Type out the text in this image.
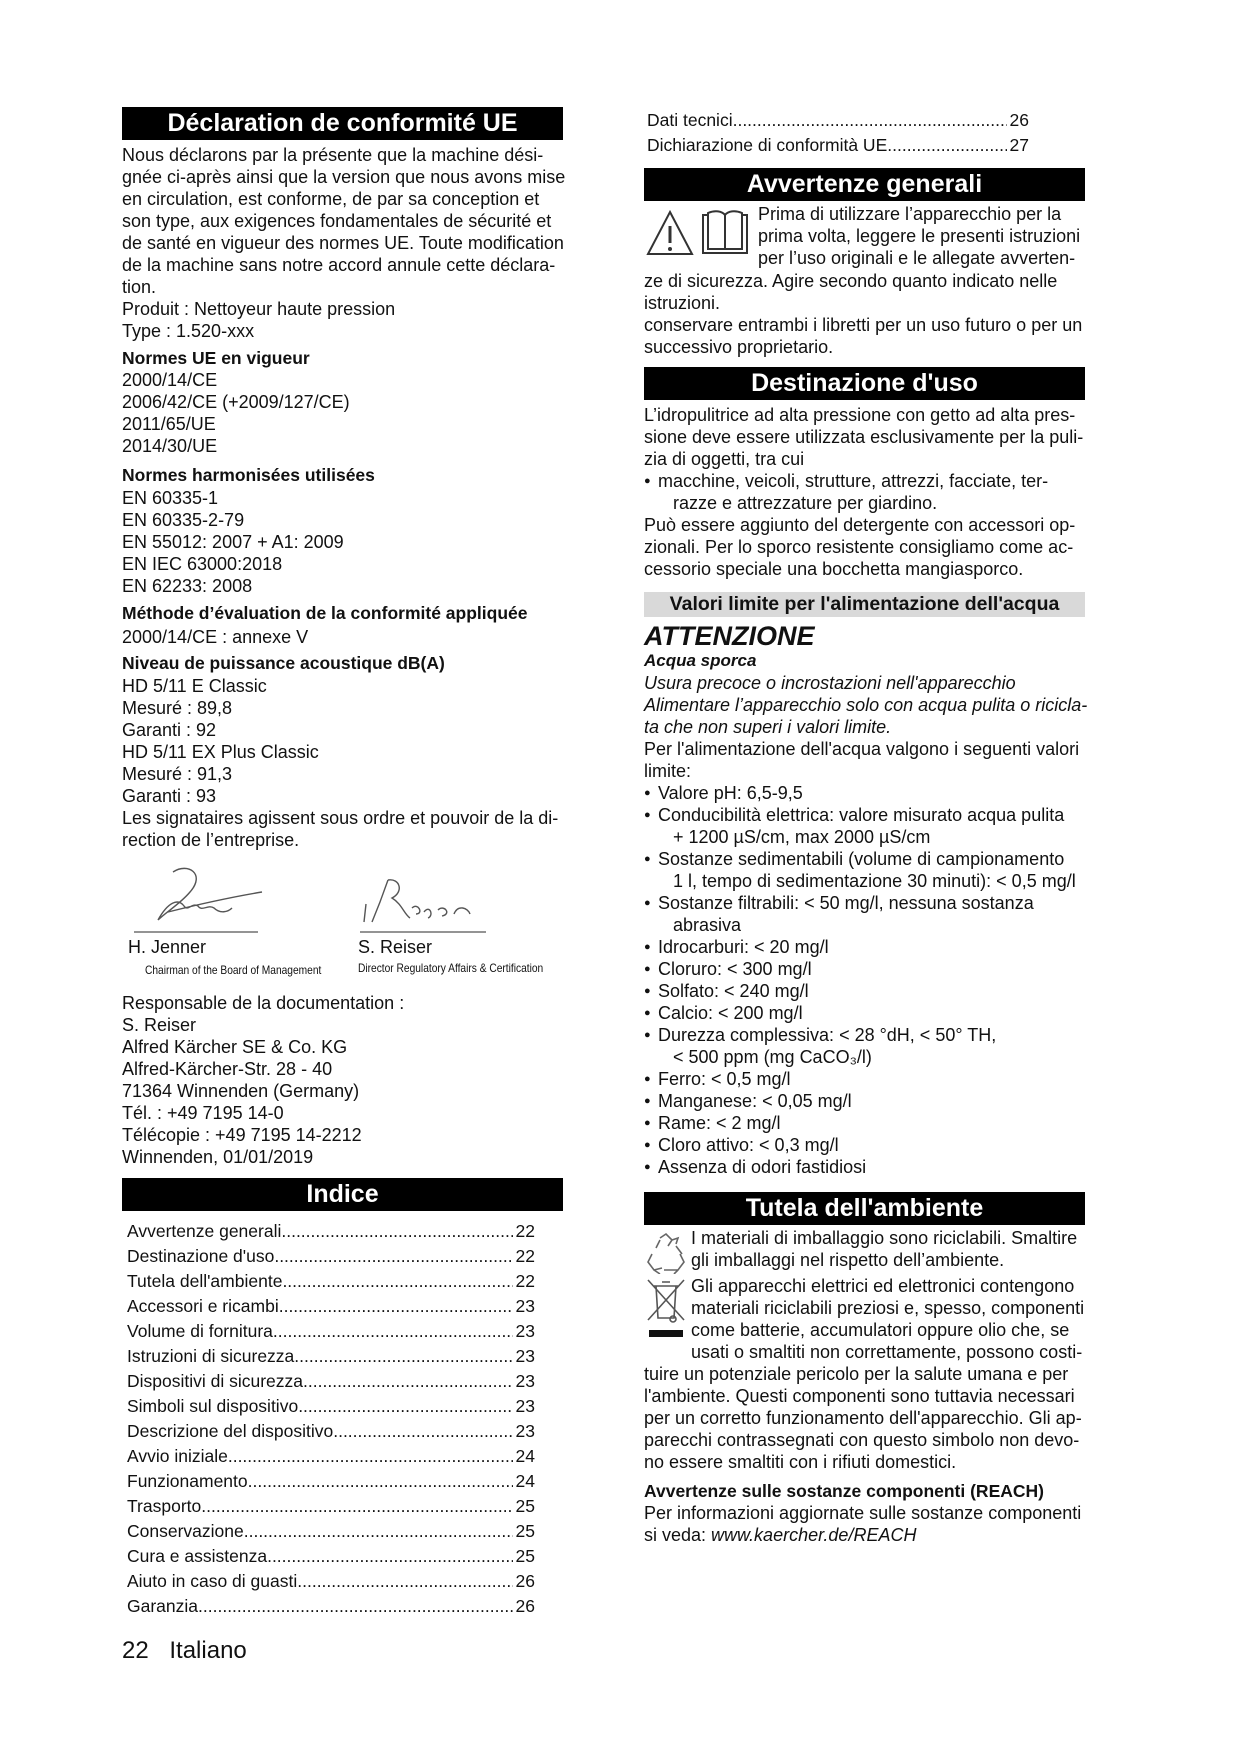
Déclaration de conformité UE
Nous déclarons par la présente que la machine dési-
gnée ci-après ainsi que la version que nous avons mise
en circulation, est conforme, de par sa conception et
son type, aux exigences fondamentales de sécurité et
de santé en vigueur des normes UE. Toute modification
de la machine sans notre accord annule cette déclara-
tion.
Produit : Nettoyeur haute pression
Type : 1.520-xxx
Normes UE en vigueur
2000/14/CE
2006/42/CE (+2009/127/CE)
2011/65/UE
2014/30/UE
Normes harmonisées utilisées
EN 60335-1
EN 60335-2-79
EN 55012: 2007 + A1: 2009
EN IEC 63000:2018
EN 62233: 2008
Méthode d’évaluation de la conformité appliquée
2000/14/CE : annexe V
Niveau de puissance acoustique dB(A)
HD 5/11 E Classic
Mesuré : 89,8
Garanti : 92
HD 5/11 EX Plus Classic
Mesuré : 91,3
Garanti : 93
Les signataires agissent sous ordre et pouvoir de la di-
rection de l’entreprise.
H. Jenner
Chairman of the Board of Management
S. Reiser
Director Regulatory Affairs & Certification
Responsable de la documentation :
S. Reiser
Alfred Kärcher SE & Co. KG
Alfred-Kärcher-Str. 28 - 40
71364 Winnenden (Germany)
Tél. : +49 7195 14-0
Télécopie : +49 7195 14-2212
Winnenden, 01/01/2019
Indice
Avvertenze generali .....	22
Destinazione d'uso .....	22
Tutela dell'ambiente .....	22
Accessori e ricambi .....	23
Volume di fornitura .....	23
Istruzioni di sicurezza .....	23
Dispositivi di sicurezza .....	23
Simboli sul dispositivo .....	23
Descrizione del dispositivo .....	23
Avvio iniziale .....	24
Funzionamento .....	24
Trasporto .....	25
Conservazione .....	25
Cura e assistenza .....	25
Aiuto in caso di guasti .....	26
Garanzia .....	26
22 Italiano
Dati tecnici .....	26
Dichiarazione di conformità UE .....	27
Avvertenze generali
Prima di utilizzare l’apparecchio per la
prima volta, leggere le presenti istruzioni
per l’uso originali e le allegate avverten-
ze di sicurezza. Agire secondo quanto indicato nelle
istruzioni.
conservare entrambi i libretti per un uso futuro o per un
successivo proprietario.
Destinazione d'uso
L’idropulitrice ad alta pressione con getto ad alta pres-
sione deve essere utilizzata esclusivamente per la puli-
zia di oggetti, tra cui
● macchine, veicoli, strutture, attrezzi, facciate, ter-
razze e attrezzature per giardino.
Può essere aggiunto del detergente con accessori op-
zionali. Per lo sporco resistente consigliamo come ac-
cessorio speciale una bocchetta mangiasporco.
Valori limite per l'alimentazione dell'acqua
ATTENZIONE
Acqua sporca
Usura precoce o incrostazioni nell'apparecchio
Alimentare l’apparecchio solo con acqua pulita o ricicla-
ta che non superi i valori limite.
Per l'alimentazione dell'acqua valgono i seguenti valori
limite:
● Valore pH: 6,5-9,5
● Conducibilità elettrica: valore misurato acqua pulita
+ 1200 µS/cm, max 2000 µS/cm
● Sostanze sedimentabili (volume di campionamento
1 l, tempo di sedimentazione 30 minuti): < 0,5 mg/l
● Sostanze filtrabili: < 50 mg/l, nessuna sostanza
abrasiva
● Idrocarburi: < 20 mg/l
● Cloruro: < 300 mg/l
● Solfato: < 240 mg/l
● Calcio: < 200 mg/l
● Durezza complessiva: < 28 °dH, < 50° TH,
< 500 ppm (mg CaCO₃/l)
● Ferro: < 0,5 mg/l
● Manganese: < 0,05 mg/l
● Rame: < 2 mg/l
● Cloro attivo: < 0,3 mg/l
● Assenza di odori fastidiosi
Tutela dell'ambiente
I materiali di imballaggio sono riciclabili. Smaltire
gli imballaggi nel rispetto dell’ambiente.
Gli apparecchi elettrici ed elettronici contengono
materiali riciclabili preziosi e, spesso, componenti
come batterie, accumulatori oppure olio che, se
usati o smaltiti non correttamente, possono costi-
tuire un potenziale pericolo per la salute umana e per
l'ambiente. Questi componenti sono tuttavia necessari
per un corretto funzionamento dell'apparecchio. Gli ap-
parecchi contrassegnati con questo simbolo non devo-
no essere smaltiti con i rifiuti domestici.
Avvertenze sulle sostanze componenti (REACH)
Per informazioni aggiornate sulle sostanze componenti
si veda: www.kaercher.de/REACH
